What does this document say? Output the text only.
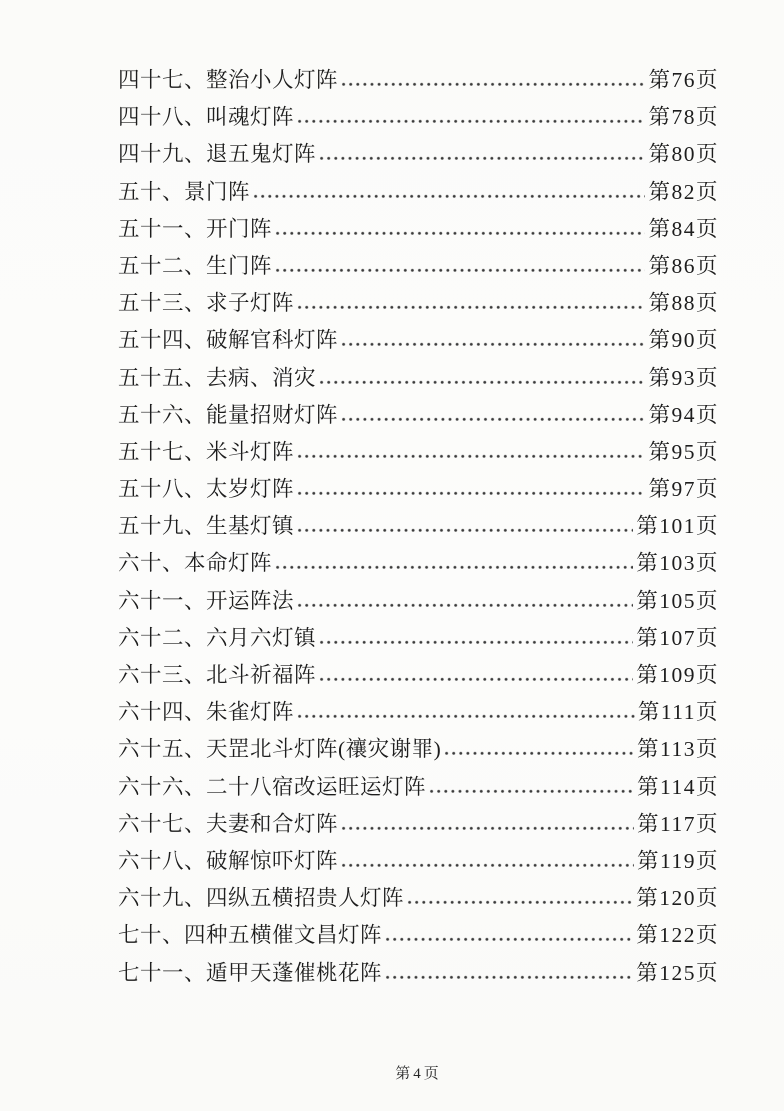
四十七、整治小人灯阵	第76页
四十八、叫魂灯阵	第78页
四十九、退五鬼灯阵	第80页
五十、景门阵	第82页
五十一、开门阵	第84页
五十二、生门阵	第86页
五十三、求子灯阵	第88页
五十四、破解官科灯阵	第90页
五十五、去病、消灾	第93页
五十六、能量招财灯阵	第94页
五十七、米斗灯阵	第95页
五十八、太岁灯阵	第97页
五十九、生基灯镇	第101页
六十、本命灯阵	第103页
六十一、开运阵法	第105页
六十二、六月六灯镇	第107页
六十三、北斗祈福阵	第109页
六十四、朱雀灯阵	第111页
六十五、天罡北斗灯阵(禳灾谢罪)	第113页
六十六、二十八宿改运旺运灯阵	第114页
六十七、夫妻和合灯阵	第117页
六十八、破解惊吓灯阵	第119页
六十九、四纵五横招贵人灯阵	第120页
七十、四种五横催文昌灯阵	第122页
七十一、遁甲天蓬催桃花阵	第125页
第4页
